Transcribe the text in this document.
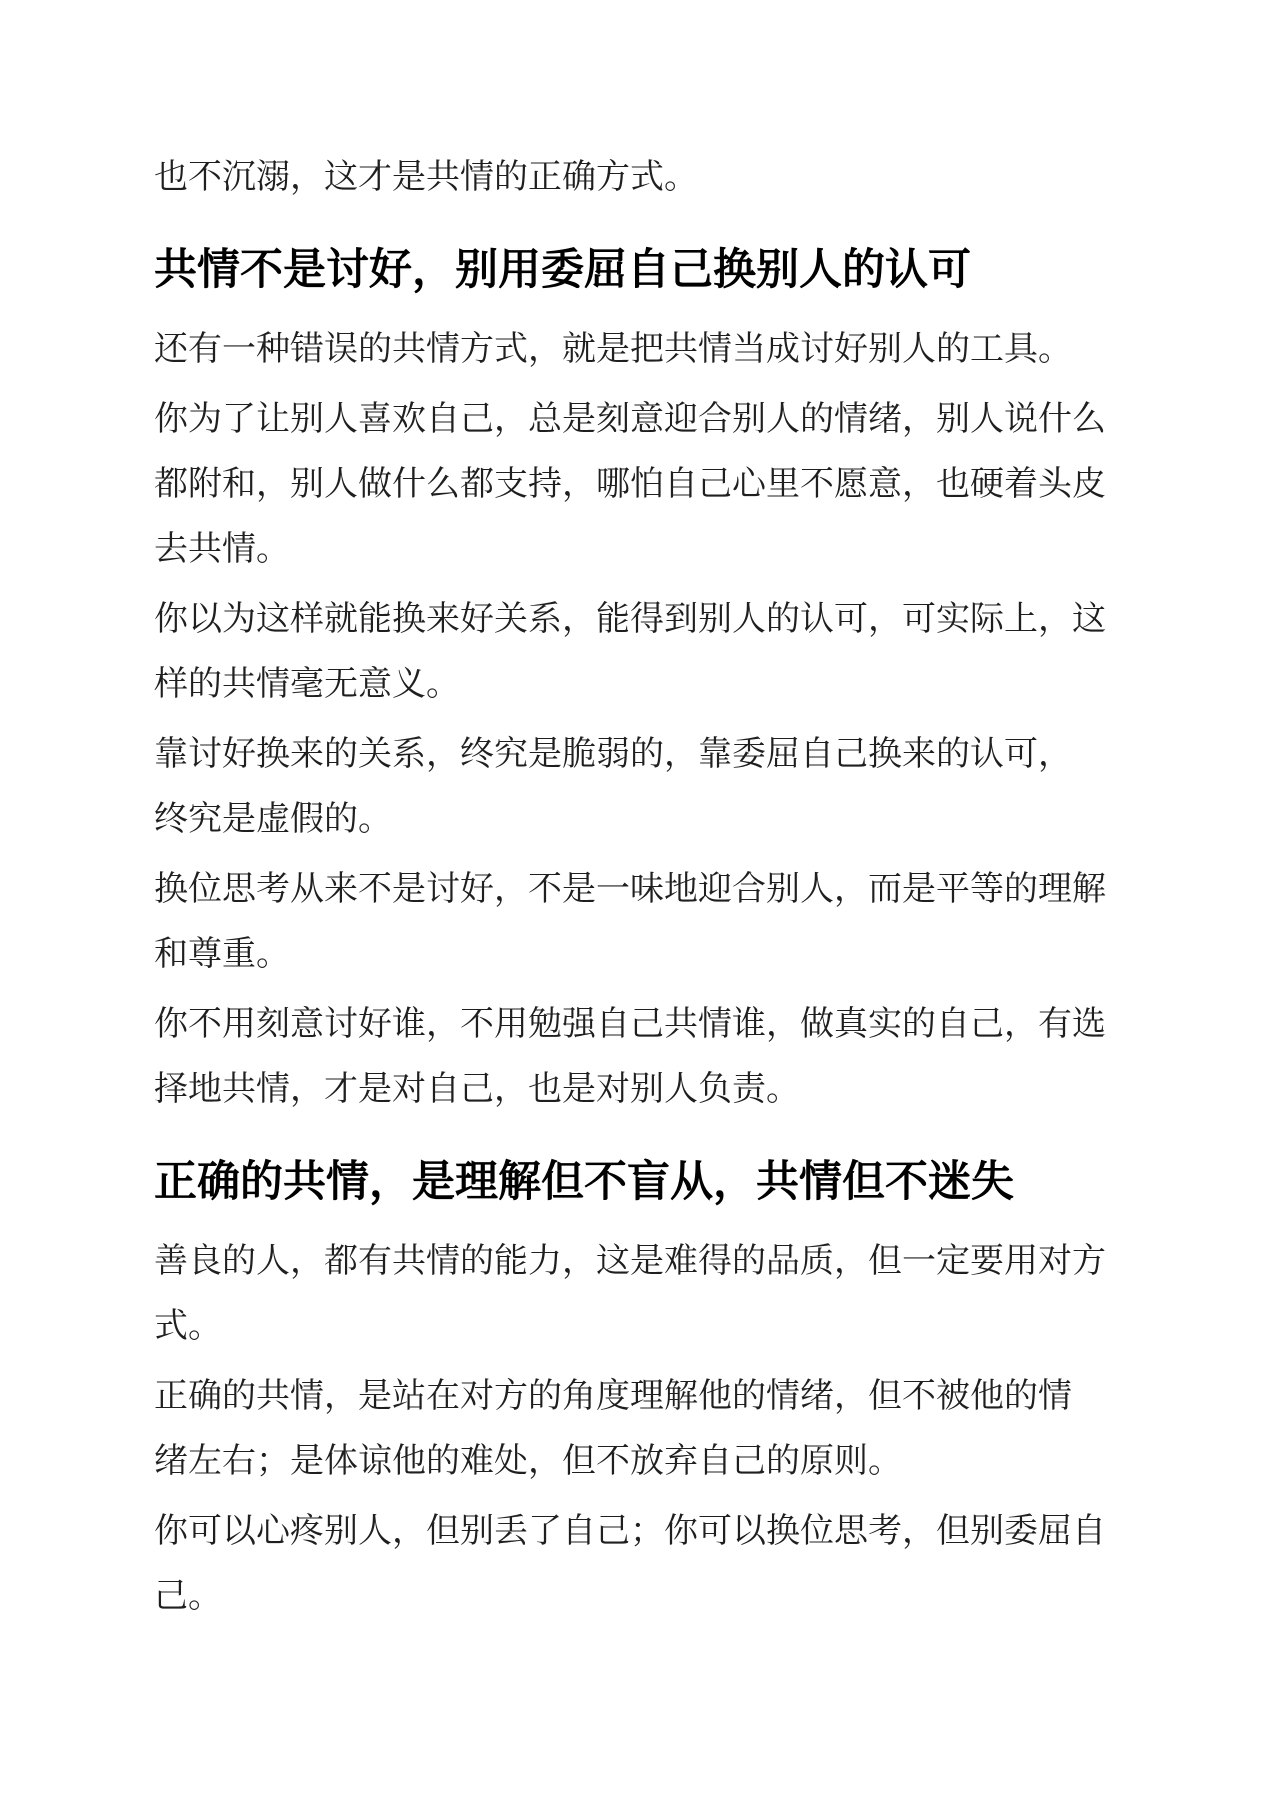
也不沉溺，这才是共情的正确方式。
共情不是讨好，别用委屈自己换别人的认可
还有一种错误的共情方式，就是把共情当成讨好别人的工具。
你为了让别人喜欢自己，总是刻意迎合别人的情绪，别人说什么
都附和，别人做什么都支持，哪怕自己心里不愿意，也硬着头皮
去共情。
你以为这样就能换来好关系，能得到别人的认可，可实际上，这
样的共情毫无意义。
靠讨好换来的关系，终究是脆弱的，靠委屈自己换来的认可，
终究是虚假的。
换位思考从来不是讨好，不是一味地迎合别人，而是平等的理解
和尊重。
你不用刻意讨好谁，不用勉强自己共情谁，做真实的自己，有选
择地共情，才是对自己，也是对别人负责。
正确的共情，是理解但不盲从，共情但不迷失
善良的人，都有共情的能力，这是难得的品质，但一定要用对方
式。
正确的共情，是站在对方的角度理解他的情绪，但不被他的情
绪左右；是体谅他的难处，但不放弃自己的原则。
你可以心疼别人，但别丢了自己；你可以换位思考，但别委屈自
己。
